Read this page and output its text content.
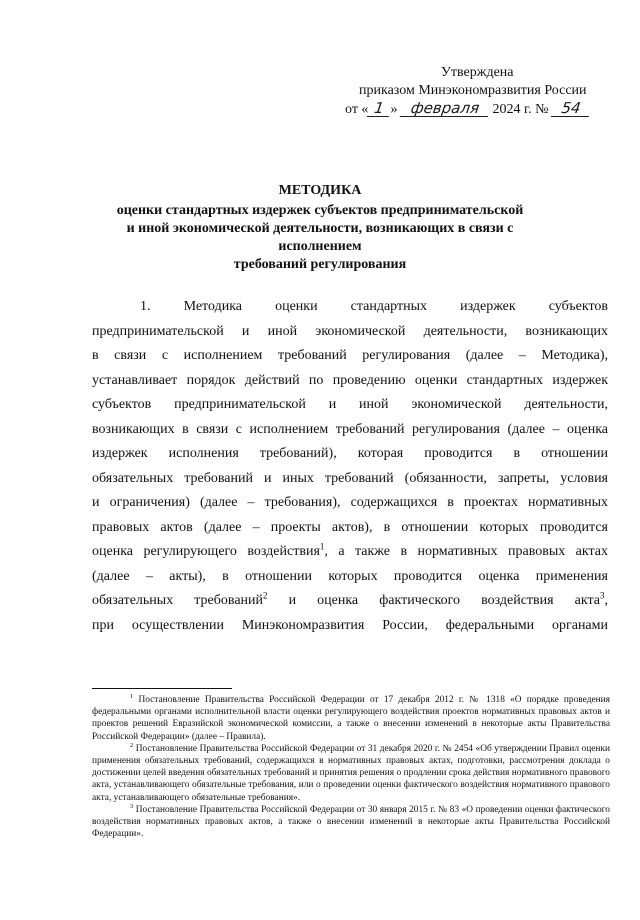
Утверждена
приказом Минэкономразвития России
от « 1 » февраля 2024 г. № 54
МЕТОДИКА
оценки стандартных издержек субъектов предпринимательской
и иной экономической деятельности, возникающих в связи с исполнением
требований регулирования
1. Методика оценки стандартных издержек субъектов
предпринимательской и иной экономической деятельности, возникающих
в связи с исполнением требований регулирования (далее – Методика),
устанавливает порядок действий по проведению оценки стандартных издержек
субъектов предпринимательской и иной экономической деятельности,
возникающих в связи с исполнением требований регулирования (далее – оценка
издержек исполнения требований), которая проводится в отношении
обязательных требований и иных требований (обязанности, запреты, условия
и ограничения) (далее – требования), содержащихся в проектах нормативных
правовых актов (далее – проекты актов), в отношении которых проводится
оценка регулирующего воздействия$^1$, а также в нормативных правовых актах
(далее – акты), в отношении которых проводится оценка применения
обязательных требований$^2$ и оценка фактического воздействия акта$^3$,
при осуществлении Минэкономразвития России, федеральными органами

$^1$ Постановление Правительства Российской Федерации от 17 декабря 2012 г. № 1318 «О порядке проведения федеральными органами исполнительной власти оценки регулирующего воздействия проектов нормативных правовых актов и проектов решений Евразийской экономической комиссии, а также о внесении изменений в некоторые акты Правительства Российской Федерации» (далее – Правила).

$^2$ Постановление Правительства Российской Федерации от 31 декабря 2020 г. № 2454 «Об утверждении Правил оценки применения обязательных требований, содержащихся в нормативных правовых актах, подготовки, рассмотрения доклада о достижении целей введения обязательных требований и принятия решения о продлении срока действия нормативного правового акта, устанавливающего обязательные требования, или о проведении оценки фактического воздействия нормативного правового акта, устанавливающего обязательные требования».

$^3$ Постановление Правительства Российской Федерации от 30 января 2015 г. № 83 «О проведении оценки фактического воздействия нормативных правовых актов, а также о внесении изменений в некоторые акты Правительства Российской Федерации».
